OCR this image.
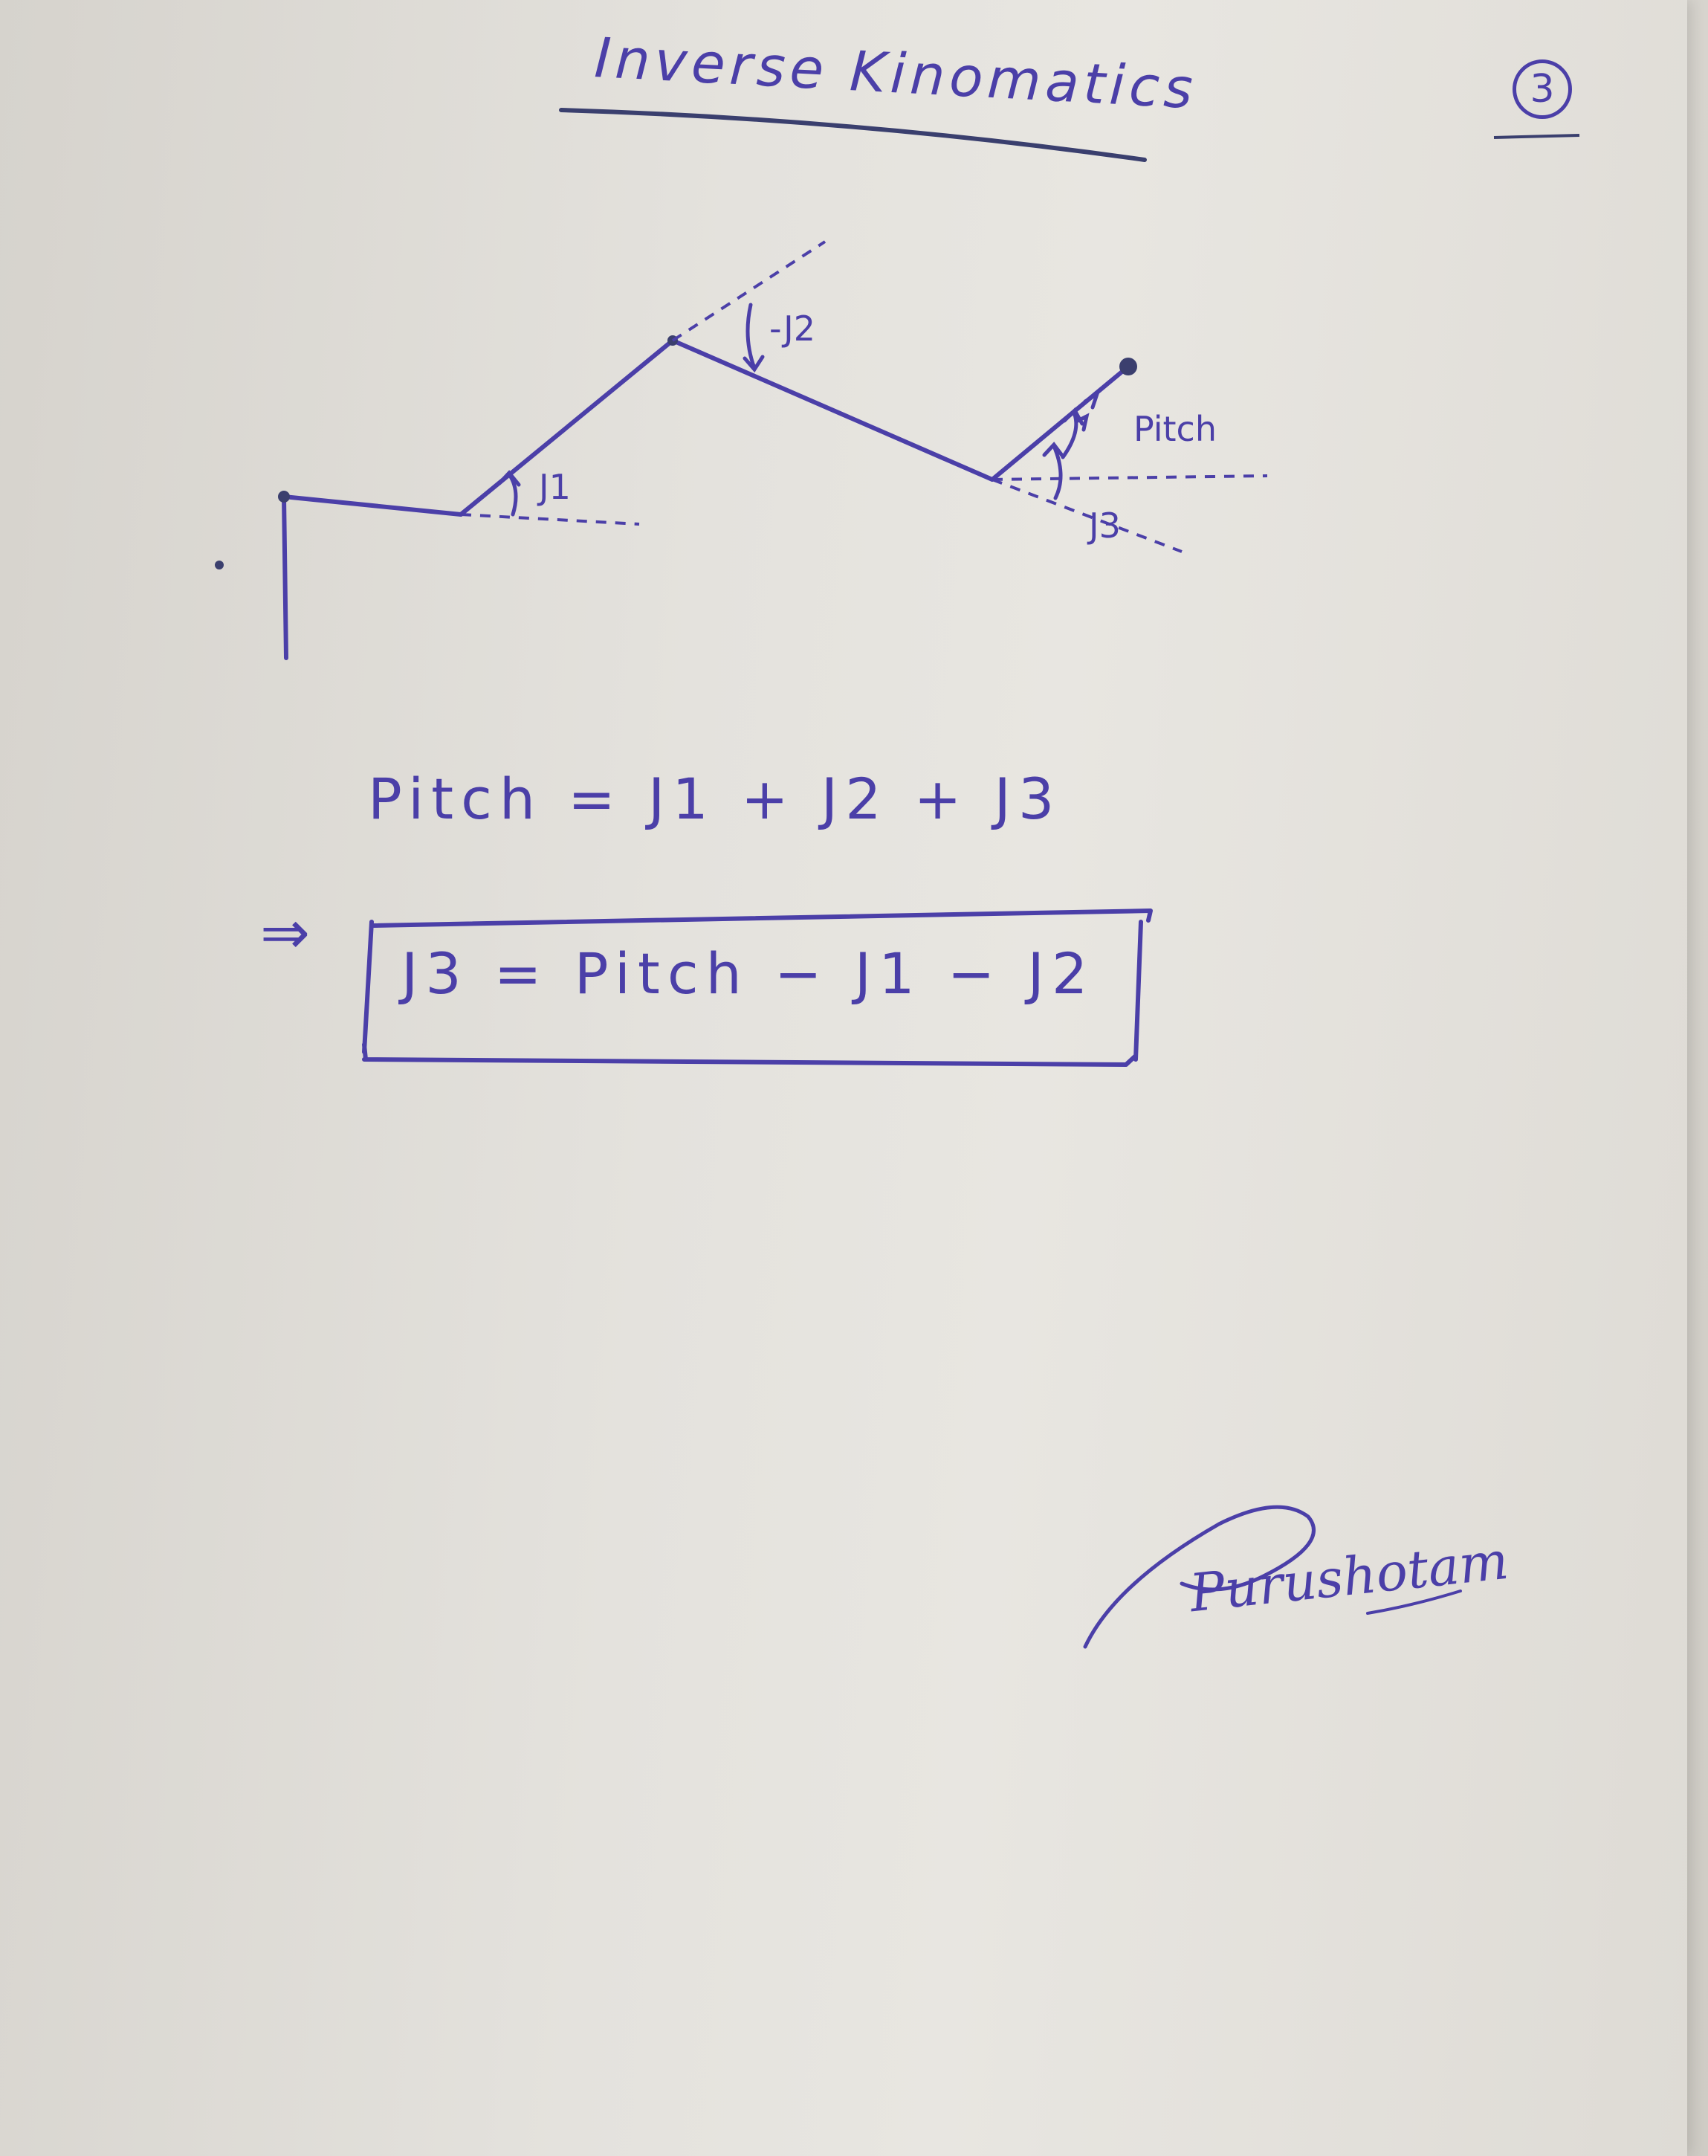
Inverse Kinomatics	3
J1
-J2
Pitch
J3
Pitch = J1 + J2 + J3
⇒
J3 = Pitch − J1 − J2
Purushotam
